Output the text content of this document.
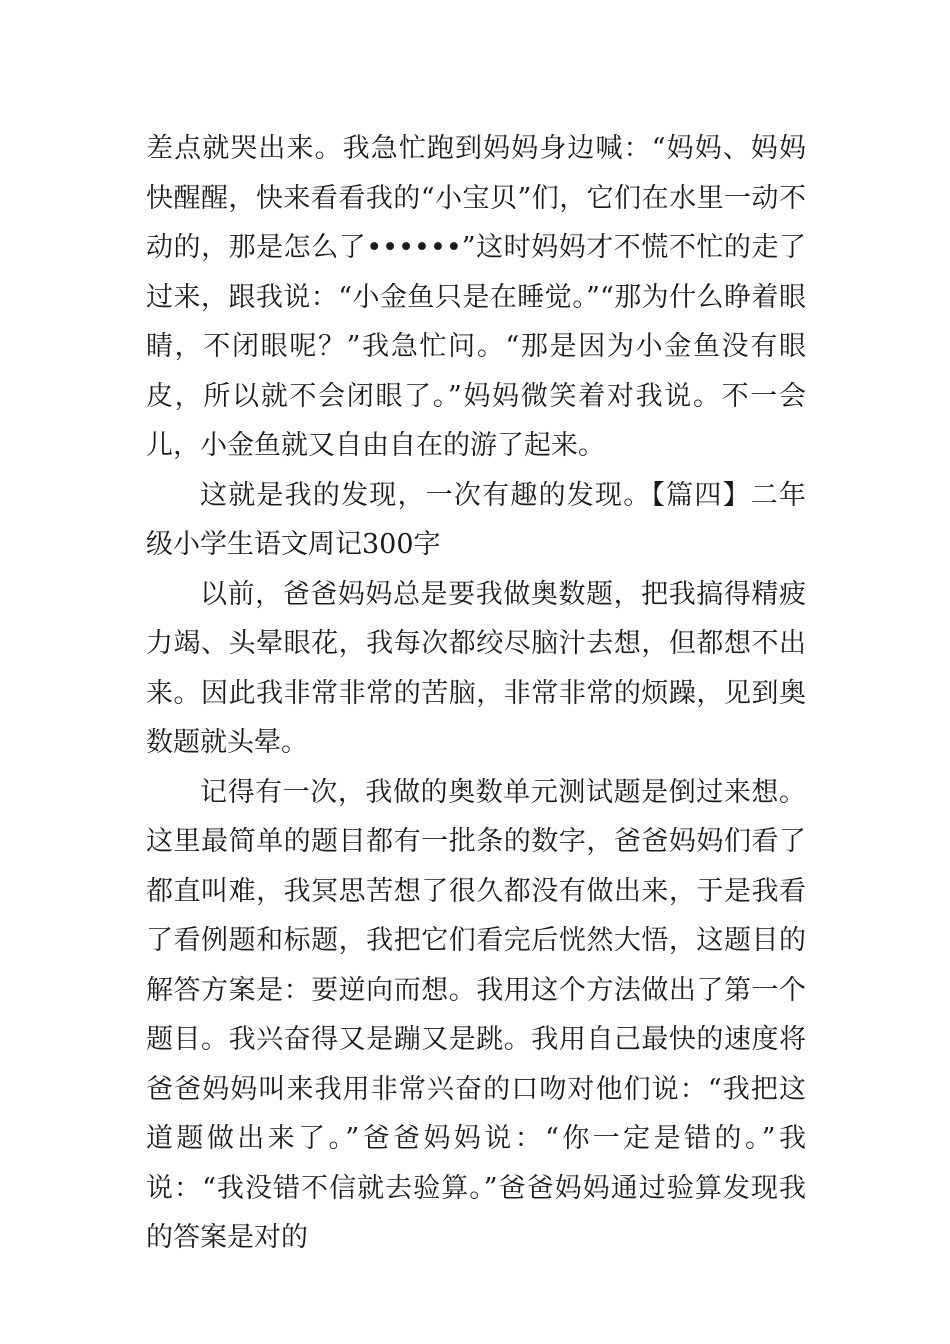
差点就哭出来。我急忙跑到妈妈身边喊：“妈妈、妈妈快醒醒，快来看看我的“小宝贝”们，它们在水里一动不动的，那是怎么了••••••”这时妈妈才不慌不忙的走了过来，跟我说：“小金鱼只是在睡觉。”“那为什么睁着眼睛，不闭眼呢？”我急忙问。“那是因为小金鱼没有眼皮，所以就不会闭眼了。”妈妈微笑着对我说。不一会儿，小金鱼就又自由自在的游了起来。

这就是我的发现，一次有趣的发现。【篇四】二年级小学生语文周记300字

以前，爸爸妈妈总是要我做奥数题，把我搞得精疲力竭、头晕眼花，我每次都绞尽脑汁去想，但都想不出来。因此我非常非常的苦脑，非常非常的烦躁，见到奥数题就头晕。

记得有一次，我做的奥数单元测试题是倒过来想。这里最简单的题目都有一批条的数字，爸爸妈妈们看了都直叫难，我冥思苦想了很久都没有做出来，于是我看了看例题和标题，我把它们看完后恍然大悟，这题目的解答方案是：要逆向而想。我用这个方法做出了第一个题目。我兴奋得又是蹦又是跳。我用自己最快的速度将爸爸妈妈叫来我用非常兴奋的口吻对他们说：“我把这道题做出来了。”爸爸妈妈说：“你一定是错的。”我说：“我没错不信就去验算。”爸爸妈妈通过验算发现我的答案是对的
